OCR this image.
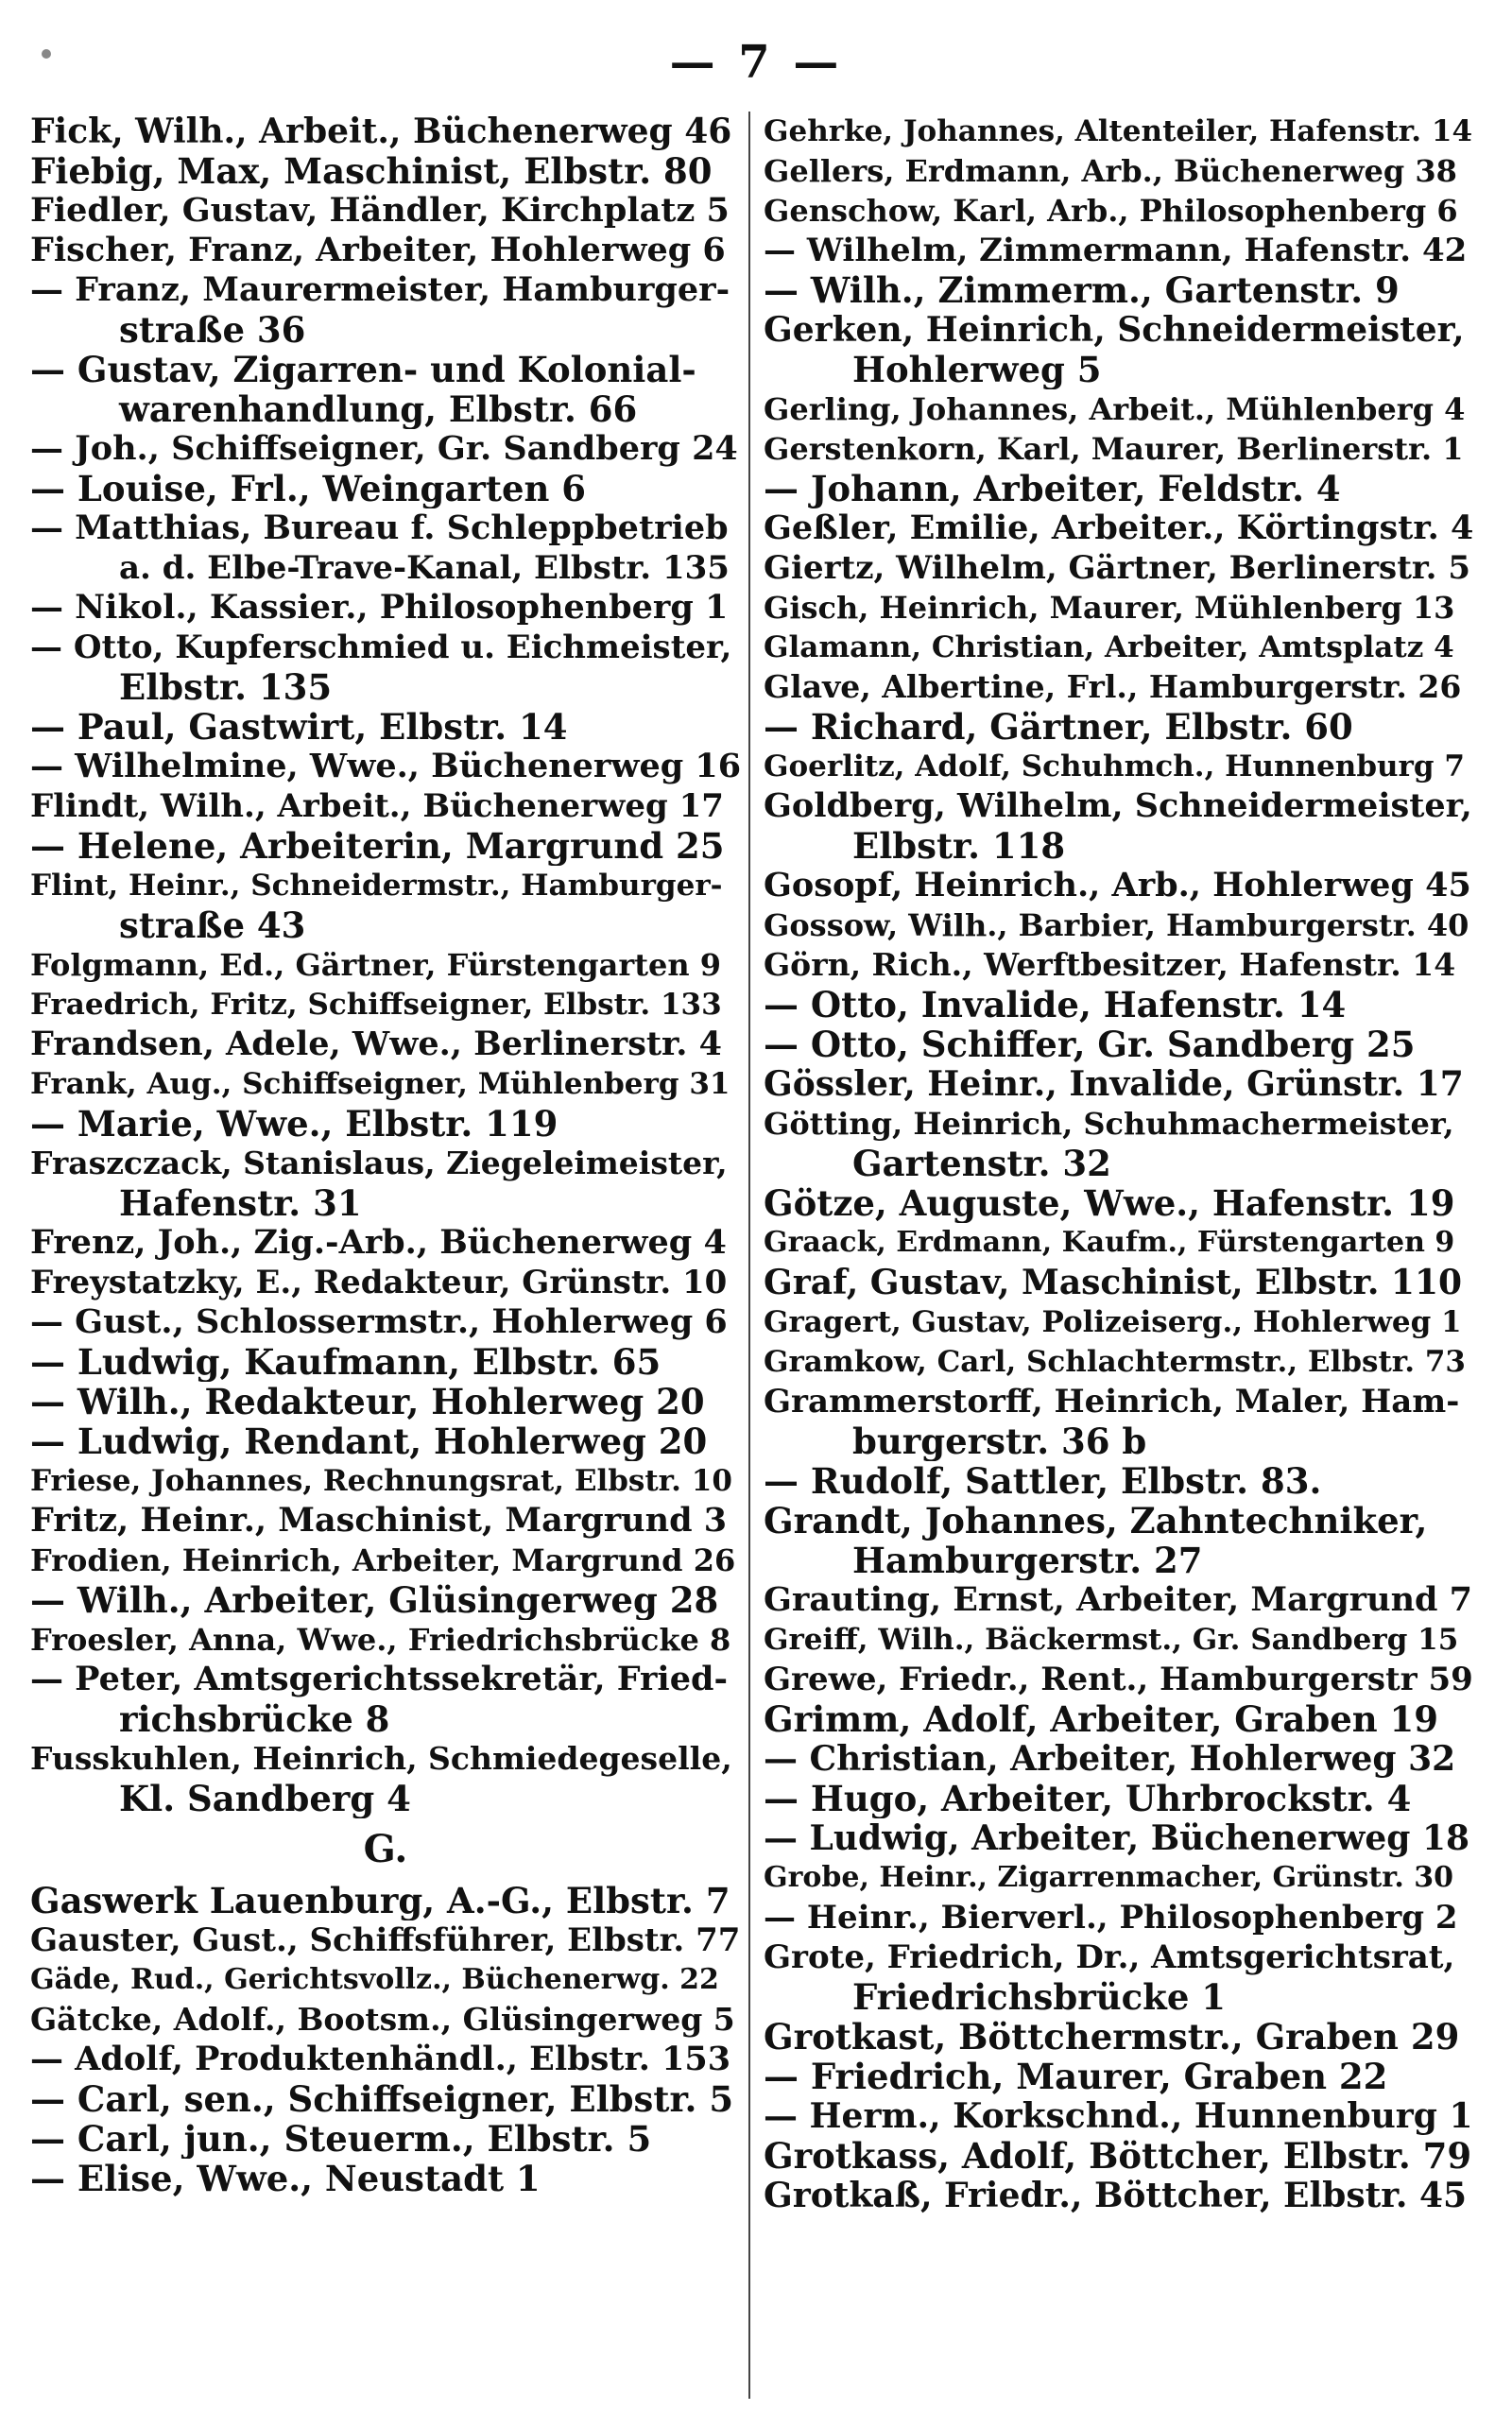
— 7 —
Fick, Wilh., Arbeit., Büchenerweg 46
Fiebig, Max, Maschinist, Elbstr. 80
Fiedler, Gustav, Händler, Kirchplatz 5
Fischer, Franz, Arbeiter, Hohlerweg 6
— Franz, Maurermeister, Hamburger-
straße 36
— Gustav, Zigarren- und Kolonial-
warenhandlung, Elbstr. 66
— Joh., Schiffseigner, Gr. Sandberg 24
— Louise, Frl., Weingarten 6
— Matthias, Bureau f. Schleppbetrieb
a. d. Elbe-Trave-Kanal, Elbstr. 135
— Nikol., Kassier., Philosophenberg 1
— Otto, Kupferschmied u. Eichmeister,
Elbstr. 135
— Paul, Gastwirt, Elbstr. 14
— Wilhelmine, Wwe., Büchenerweg 16
Flindt, Wilh., Arbeit., Büchenerweg 17
— Helene, Arbeiterin, Margrund 25
Flint, Heinr., Schneidermstr., Hamburger-
straße 43
Folgmann, Ed., Gärtner, Fürstengarten 9
Fraedrich, Fritz, Schiffseigner, Elbstr. 133
Frandsen, Adele, Wwe., Berlinerstr. 4
Frank, Aug., Schiffseigner, Mühlenberg 31
— Marie, Wwe., Elbstr. 119
Fraszczack, Stanislaus, Ziegeleimeister,
Hafenstr. 31
Frenz, Joh., Zig.-Arb., Büchenerweg 4
Freystatzky, E., Redakteur, Grünstr. 10
— Gust., Schlossermstr., Hohlerweg 6
— Ludwig, Kaufmann, Elbstr. 65
— Wilh., Redakteur, Hohlerweg 20
— Ludwig, Rendant, Hohlerweg 20
Friese, Johannes, Rechnungsrat, Elbstr. 10
Fritz, Heinr., Maschinist, Margrund 3
Frodien, Heinrich, Arbeiter, Margrund 26
— Wilh., Arbeiter, Glüsingerweg 28
Froesler, Anna, Wwe., Friedrichsbrücke 8
— Peter, Amtsgerichtssekretär, Fried-
richsbrücke 8
Fusskuhlen, Heinrich, Schmiedegeselle,
Kl. Sandberg 4
G.
Gaswerk Lauenburg, A.-G., Elbstr. 7
Gauster, Gust., Schiffsführer, Elbstr. 77
Gäde, Rud., Gerichtsvollz., Büchenerwg. 22
Gätcke, Adolf., Bootsm., Glüsingerweg 5
— Adolf, Produktenhändl., Elbstr. 153
— Carl, sen., Schiffseigner, Elbstr. 5
— Carl, jun., Steuerm., Elbstr. 5
— Elise, Wwe., Neustadt 1
Gehrke, Johannes, Altenteiler, Hafenstr. 14
Gellers, Erdmann, Arb., Büchenerweg 38
Genschow, Karl, Arb., Philosophenberg 6
— Wilhelm, Zimmermann, Hafenstr. 42
— Wilh., Zimmerm., Gartenstr. 9
Gerken, Heinrich, Schneidermeister,
Hohlerweg 5
Gerling, Johannes, Arbeit., Mühlenberg 4
Gerstenkorn, Karl, Maurer, Berlinerstr. 1
— Johann, Arbeiter, Feldstr. 4
Geßler, Emilie, Arbeiter., Körtingstr. 4
Giertz, Wilhelm, Gärtner, Berlinerstr. 5
Gisch, Heinrich, Maurer, Mühlenberg 13
Glamann, Christian, Arbeiter, Amtsplatz 4
Glave, Albertine, Frl., Hamburgerstr. 26
— Richard, Gärtner, Elbstr. 60
Goerlitz, Adolf, Schuhmch., Hunnenburg 7
Goldberg, Wilhelm, Schneidermeister,
Elbstr. 118
Gosopf, Heinrich., Arb., Hohlerweg 45
Gossow, Wilh., Barbier, Hamburgerstr. 40
Görn, Rich., Werftbesitzer, Hafenstr. 14
— Otto, Invalide, Hafenstr. 14
— Otto, Schiffer, Gr. Sandberg 25
Gössler, Heinr., Invalide, Grünstr. 17
Götting, Heinrich, Schuhmachermeister,
Gartenstr. 32
Götze, Auguste, Wwe., Hafenstr. 19
Graack, Erdmann, Kaufm., Fürstengarten 9
Graf, Gustav, Maschinist, Elbstr. 110
Gragert, Gustav, Polizeiserg., Hohlerweg 1
Gramkow, Carl, Schlachtermstr., Elbstr. 73
Grammerstorff, Heinrich, Maler, Ham-
burgerstr. 36 b
— Rudolf, Sattler, Elbstr. 83.
Grandt, Johannes, Zahntechniker,
Hamburgerstr. 27
Grauting, Ernst, Arbeiter, Margrund 7
Greiff, Wilh., Bäckermst., Gr. Sandberg 15
Grewe, Friedr., Rent., Hamburgerstr 59
Grimm, Adolf, Arbeiter, Graben 19
— Christian, Arbeiter, Hohlerweg 32
— Hugo, Arbeiter, Uhrbrockstr. 4
— Ludwig, Arbeiter, Büchenerweg 18
Grobe, Heinr., Zigarrenmacher, Grünstr. 30
— Heinr., Bierverl., Philosophenberg 2
Grote, Friedrich, Dr., Amtsgerichtsrat,
Friedrichsbrücke 1
Grotkast, Böttchermstr., Graben 29
— Friedrich, Maurer, Graben 22
— Herm., Korkschnd., Hunnenburg 1
Grotkass, Adolf, Böttcher, Elbstr. 79
Grotkaß, Friedr., Böttcher, Elbstr. 45
